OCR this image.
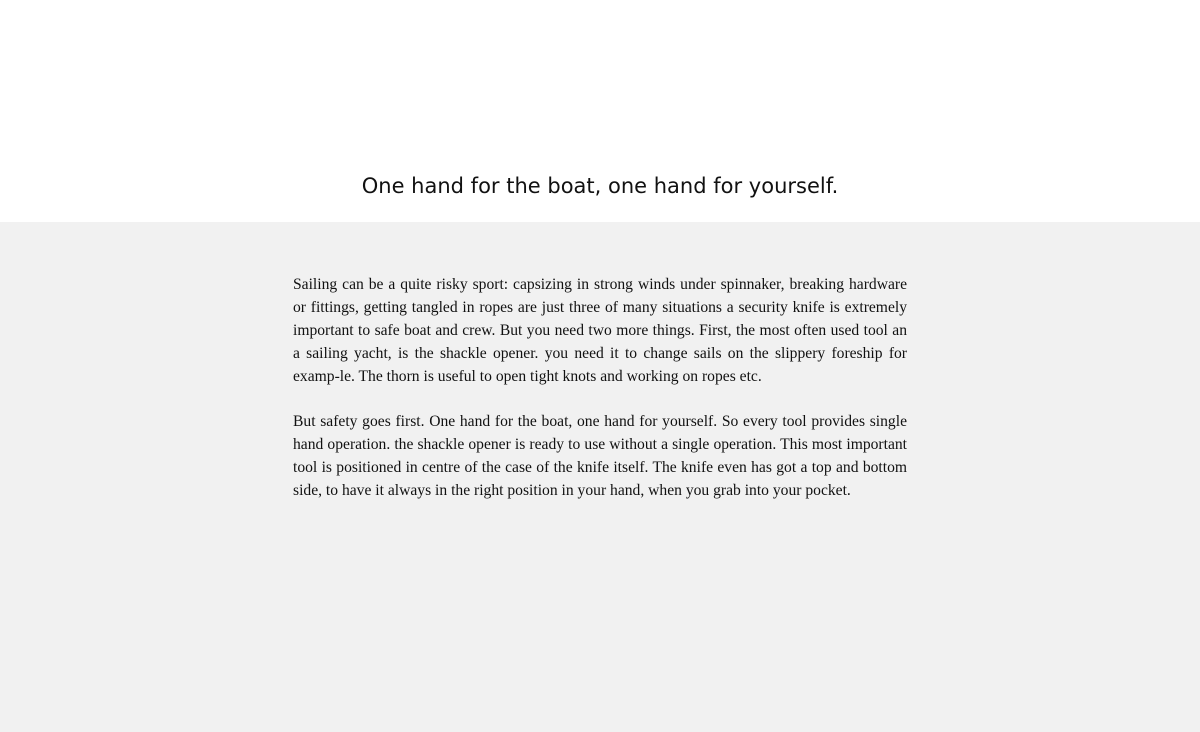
One hand for the boat, one hand for yourself.

Sailing can be a quite risky sport: capsizing in strong winds under spinnaker, breaking hardware or fittings, getting tangled in ropes are just three of many situations a security knife is extremely important to safe boat and crew. But you need two more things. First, the most often used tool an a sailing yacht, is the shackle opener. you need it to change sails on the slippery foreship for examp-le. The thorn is useful to open tight knots and working on ropes etc.

But safety goes first. One hand for the boat, one hand for yourself. So every tool provides single hand operation. the shackle opener is ready to use without a single operation. This most important tool is positioned in centre of the case of the knife itself. The knife even has got a top and bottom side, to have it always in the right position in your hand, when you grab into your pocket.
